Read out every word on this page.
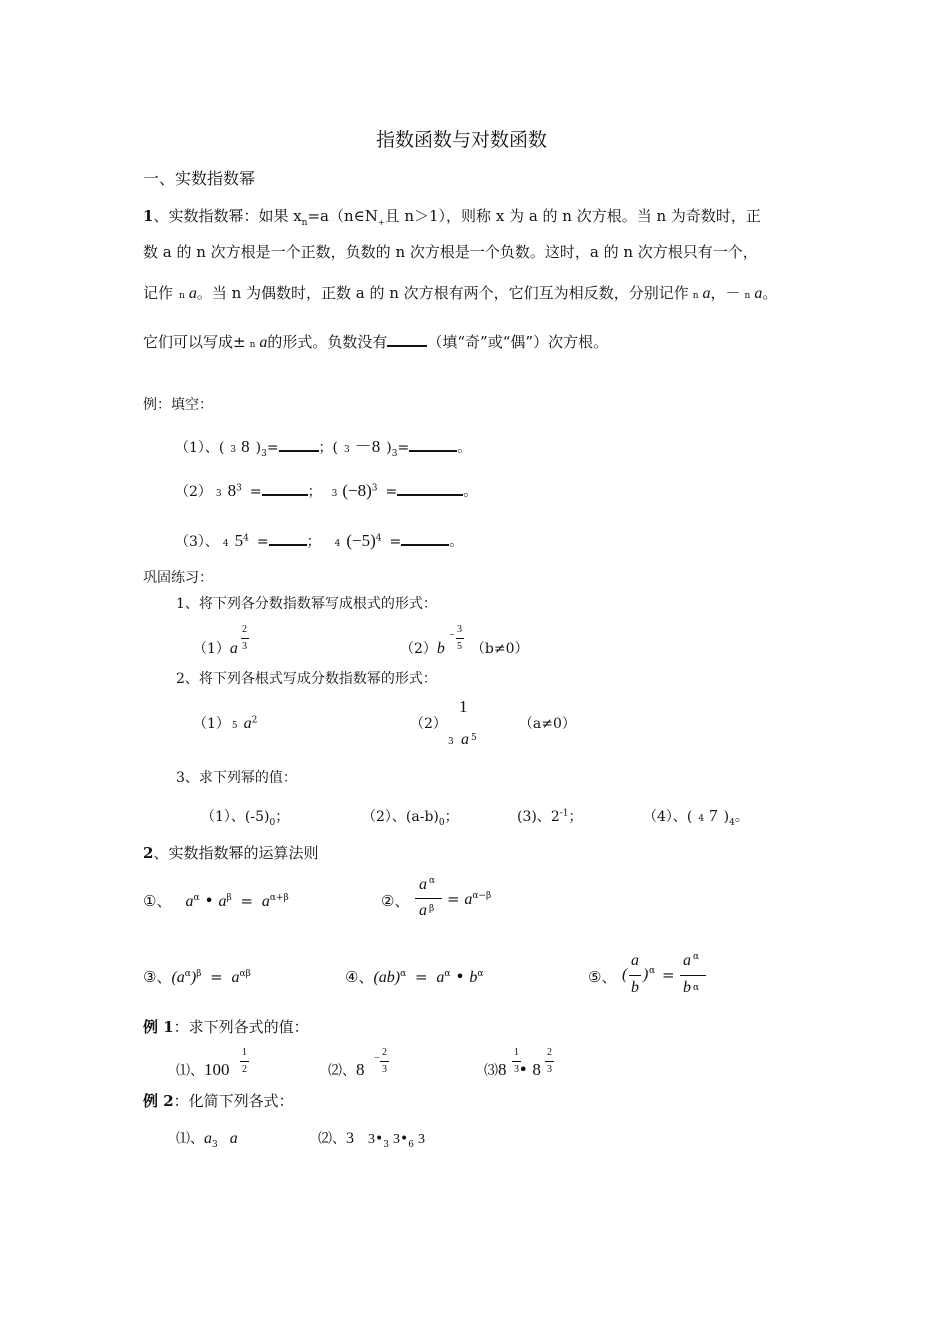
指数函数与对数函数
一、实数指数幂
1、实数指数幂：如果 $x_n=a(n\in N_+$且 n＞1），则称 x 为 a 的 n 次方根。当 n 为奇数时，正
数 a 的 n 次方根是一个正数，负数的 n 次方根是一个负数。这时，a 的 n 次方根只有一个，
记作 n a。当 n 为偶数时，正数 a 的 n 次方根有两个，它们互为相反数，分别记作 n a，－ n a。
它们可以写成± n a的形式。负数没有	（填“奇”或“偶”）次方根。
例：填空：
（1）、( 3 8 )$_3=$	；( 3 －8 )$_3=$	。
（2） 3 $8^3$ =	； 3 $(-8)^3$ =	。
（3）、 4 $5^4$ =	； 4 $(-5)^4$ =	。
巩固练习：
1、将下列各分数指数幂写成根式的形式：
（1）a
2
3	（2）b （b≠0）
−
3
5
2、将下列各根式写成分数指数幂的形式：
（1） 5 $a^2$	（2）	（a≠0）
1
3 a 5
3、求下列幂的值：
（1）、$(-5)_0$；	（2）、$(a-b)_0$；	(3)、$2^{-1}$；	（4）、( 4 7 )$_4$。
2、实数指数幂的运算法则
①、 $a^\alpha$ • $a^\beta = a^{\alpha+\beta}$	②、
a α
a β
= $a^{\alpha-\beta}$
③、$(a^\alpha)^\beta = a^{\alpha\beta}$	④、$(ab)^\alpha = a^\alpha$ • $b^\alpha$	⑤、 (
a
b
) α =
a α
b α
例 1：求下列各式的值：
⑴、100
1
2	⑵、8
−
2
3	⑶8 • 8
1
3
2
3
例 2：化简下列各式：
⑴、$a_3$ a	⑵、3 $3•_3$ $3•_6$ 3
